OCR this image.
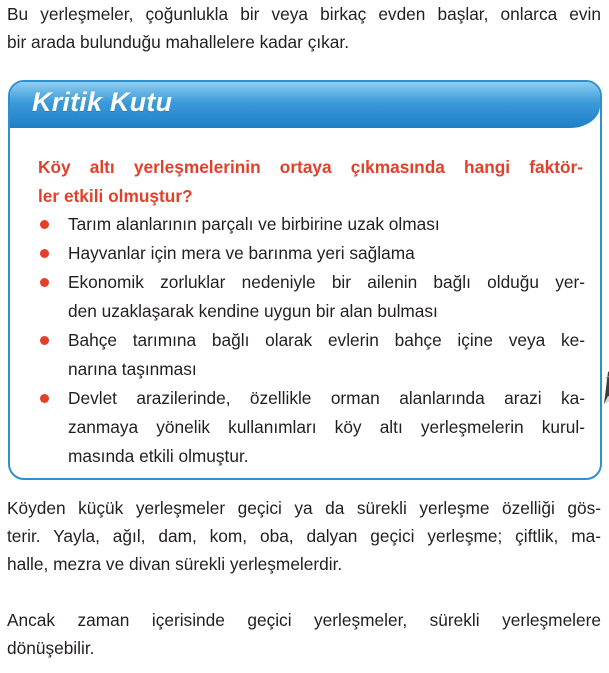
Bu yerleşmeler, çoğunlukla bir veya birkaç evden başlar, onlarca evin
bir arada bulunduğu mahallelere kadar çıkar.
Kritik Kutu
Köy altı yerleşmelerinin ortaya çıkmasında hangi faktör-
ler etkili olmuştur?
Tarım alanlarının parçalı ve birbirine uzak olması
Hayvanlar için mera ve barınma yeri sağlama
Ekonomik zorluklar nedeniyle bir ailenin bağlı olduğu yer-
den uzaklaşarak kendine uygun bir alan bulması
Bahçe tarımına bağlı olarak evlerin bahçe içine veya ke-
narına taşınması
Devlet arazilerinde, özellikle orman alanlarında arazi ka-
zanmaya yönelik kullanımları köy altı yerleşmelerin kurul-
masında etkili olmuştur.
Köyden küçük yerleşmeler geçici ya da sürekli yerleşme özelliği gös-
terir. Yayla, ağıl, dam, kom, oba, dalyan geçici yerleşme; çiftlik, ma-
halle, mezra ve divan sürekli yerleşmelerdir.
Ancak zaman içerisinde geçici yerleşmeler, sürekli yerleşmelere
dönüşebilir.
